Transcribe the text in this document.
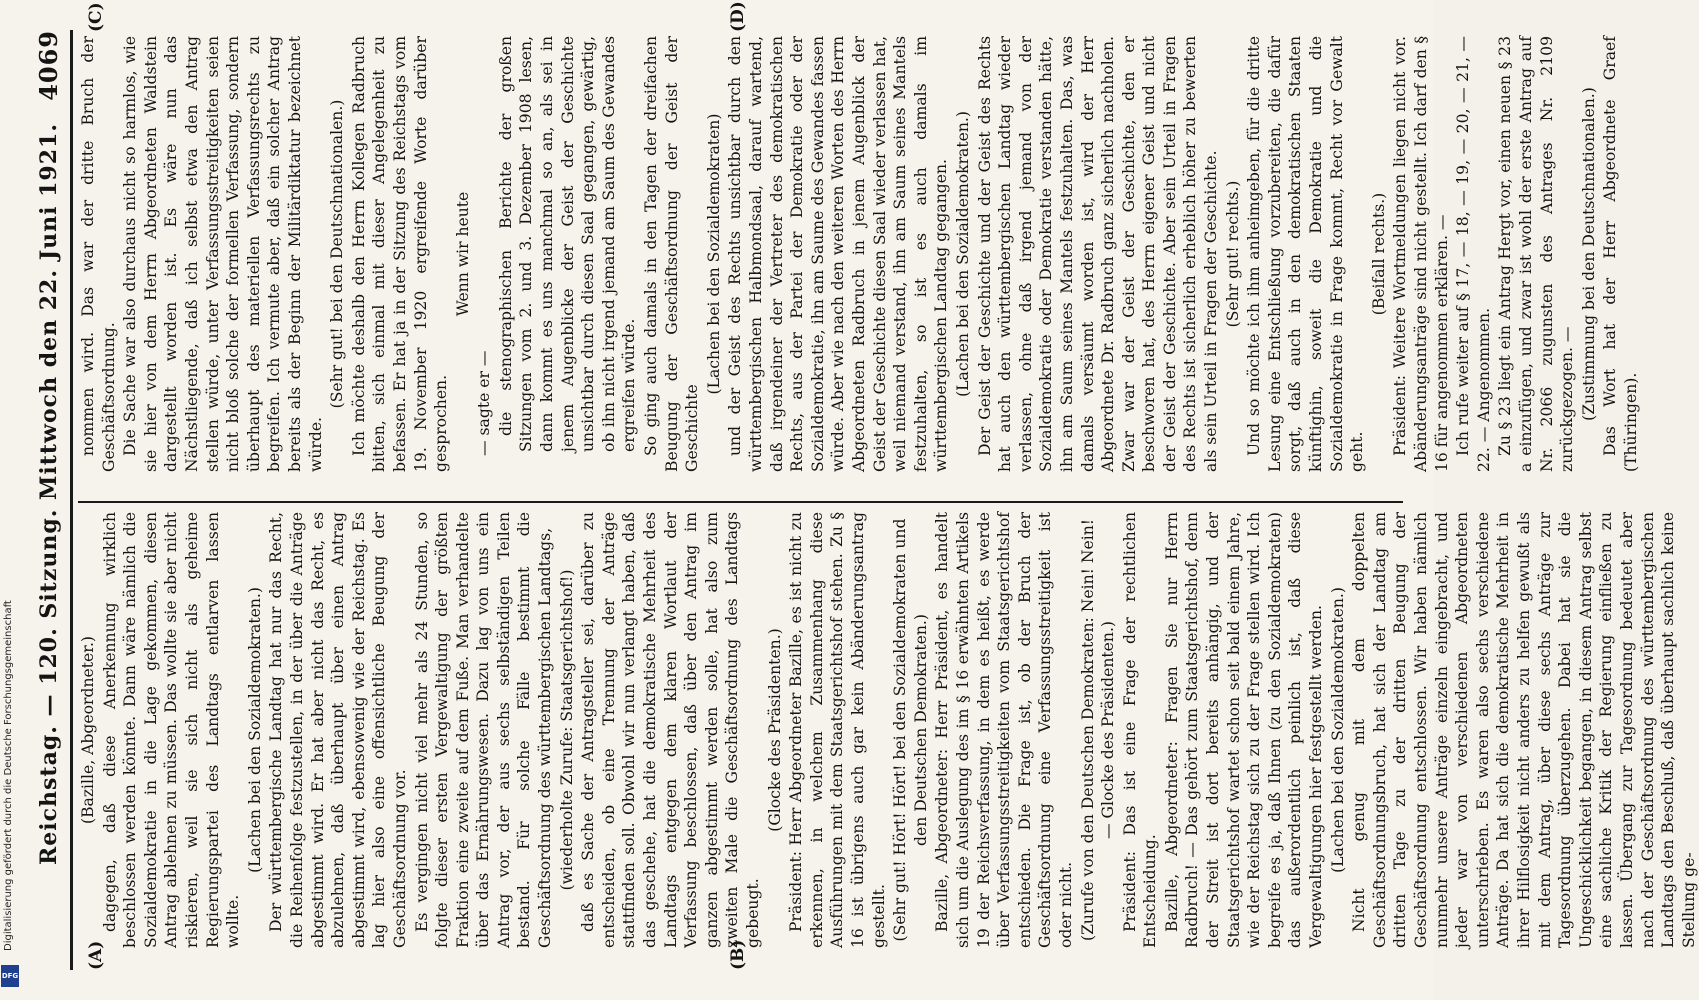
Reichstag. — 120. Sitzung. Mittwoch den 22. Juni 1921.
4069
(A)	(B)
(C)	(D)

(Bazille, Abgeordneter.) dagegen, daß diese Anerkennung wirklich beschlossen werden könnte. Dann wäre nämlich die Sozialdemokratie in die Lage gekommen, diesen Antrag ablehnen zu müssen. Das wollte sie aber nicht riskieren, weil sie sich nicht als geheime Regierungspartei des Landtags entlarven lassen wollte.

(Lachen bei den Sozialdemokraten.) Der württembergische Landtag hat nur das Recht, die Reihenfolge festzustellen, in der über die Anträge abgestimmt wird. Er hat aber nicht das Recht, es abzulehnen, daß überhaupt über einen Antrag abgestimmt wird, ebensowenig wie der Reichstag. Es lag hier also eine offensichtliche Beugung der Geschäftsordnung vor. Es vergingen nicht viel mehr als 24 Stunden, so folgte dieser ersten Vergewaltigung der größten Fraktion eine zweite auf dem Fuße. Man verhandelte über das Ernährungswesen. Dazu lag von uns ein Antrag vor, der aus sechs selbständigen Teilen bestand. Für solche Fälle bestimmt die Geschäftsordnung des württembergischen Landtags, (wiederholte Zurufe: Staatsgerichtshof!) daß es Sache der Antragsteller sei, darüber zu entscheiden, ob eine Trennung der Anträge stattfinden soll. Obwohl wir nun verlangt haben, daß das geschehe, hat die demokratische Mehrheit des Landtags entgegen dem klaren Wortlaut der Verfassung beschlossen, daß über den Antrag im ganzen abgestimmt werden solle, hat also zum zweiten Male die Geschäftsordnung des Landtags gebeugt.

(Glocke des Präsidenten.) Präsident: Herr Abgeordneter Bazille, es ist nicht zu erkennen, in welchem Zusammenhang diese Ausführungen mit dem Staatsgerichtshof stehen. Zu § 16 ist übrigens auch gar kein Abänderungsantrag gestellt. (Sehr gut! Hört! Hört! bei den Sozialdemokraten und den Deutschen Demokraten.) Bazille, Abgeordneter: Herr Präsident, es handelt sich um die Auslegung des im § 16 erwähnten Artikels 19 der Reichsverfassung, in dem es heißt, es werde über Verfassungsstreitigkeiten vom Staatsgerichtshof entschieden. Die Frage ist, ob der Bruch der Geschäftsordnung eine Verfassungsstreitigkeit ist oder nicht. (Zurufe von den Deutschen Demokraten: Nein! Nein! — Glocke des Präsidenten.) Präsident: Das ist eine Frage der rechtlichen Entscheidung. Bazille, Abgeordneter: Fragen Sie nur Herrn Radbruch! — Das gehört zum Staatsgerichtshof, denn der Streit ist dort bereits anhängig, und der Staatsgerichtshof wartet schon seit bald einem Jahre, wie der Reichstag sich zu der Frage stellen wird. Ich begreife es ja, daß Ihnen (zu den Sozialdemokraten) das außerordentlich peinlich ist, daß diese Vergewaltigungen hier festgestellt werden. (Lachen bei den Sozialdemokraten.) Nicht genug mit dem doppelten Geschäftsordnungsbruch, hat sich der Landtag am dritten Tage zu der dritten Beugung der Geschäftsordnung entschlossen. Wir haben nämlich nunmehr unsere Anträge einzeln eingebracht, und jeder war von verschiedenen Abgeordneten unterschrieben. Es waren also sechs verschiedene Anträge. Da hat sich die demokratische Mehrheit in ihrer Hilflosigkeit nicht anders zu helfen gewußt als mit dem Antrag, über diese sechs Anträge zur Tagesordnung überzugehen. Dabei hat sie die Ungeschicklichkeit begangen, in diesem Antrag selbst eine sachliche Kritik der Regierung einfließen zu lassen. Übergang zur Tagesordnung bedeutet aber nach der Geschäftsordnung des württembergischen Landtags den Beschluß, daß überhaupt sachlich keine Stellung ge-

nommen wird. Das war der dritte Bruch der Geschäftsordnung. Die Sache war also durchaus nicht so harmlos, wie sie hier von dem Herrn Abgeordneten Waldstein dargestellt worden ist. Es wäre nun das Nächstliegende, daß ich selbst etwa den Antrag stellen würde, unter Verfassungsstreitigkeiten seien nicht bloß solche der formellen Verfassung, sondern überhaupt des materiellen Verfassungsrechts zu begreifen. Ich vermute aber, daß ein solcher Antrag bereits als der Beginn der Militärdiktatur bezeichnet würde.

(Sehr gut! bei den Deutschnationalen.) Ich möchte deshalb den Herrn Kollegen Radbruch bitten, sich einmal mit dieser Angelegenheit zu befassen. Er hat ja in der Sitzung des Reichstags vom 19. November 1920 ergreifende Worte darüber gesprochen.

Wenn wir heute

— sagte er — die stenographischen Berichte der großen Sitzungen vom 2. und 3. Dezember 1908 lesen, dann kommt es uns manchmal so an, als sei in jenem Augenblicke der Geist der Geschichte unsichtbar durch diesen Saal gegangen, gewärtig, ob ihn nicht irgend jemand am Saum des Gewandes ergreifen würde. So ging auch damals in den Tagen der dreifachen Beugung der Geschäftsordnung der Geist der Geschichte

(Lachen bei den Sozialdemokraten) und der Geist des Rechts unsichtbar durch den württembergischen Halbmondsaal, darauf wartend, daß irgendeiner der Vertreter des demokratischen Rechts, aus der Partei der Demokratie oder der Sozialdemokratie, ihn am Saume des Gewandes fassen würde. Aber wie nach den weiteren Worten des Herrn Abgeordneten Radbruch in jenem Augenblick der Geist der Geschichte diesen Saal wieder verlassen hat, weil niemand verstand, ihn am Saum seines Mantels festzuhalten, so ist es auch damals im württembergischen Landtag gegangen. (Lachen bei den Sozialdemokraten.) Der Geist der Geschichte und der Geist des Rechts hat auch den württembergischen Landtag wieder verlassen, ohne daß irgend jemand von der Sozialdemokratie oder Demokratie verstanden hätte, ihn am Saum seines Mantels festzuhalten. Das, was damals versäumt worden ist, wird der Herr Abgeordnete Dr. Radbruch ganz sicherlich nachholen. Zwar war der Geist der Geschichte, den er beschworen hat, des Herrn eigener Geist und nicht der Geist der Geschichte. Aber sein Urteil in Fragen des Rechts ist sicherlich erheblich höher zu bewerten als sein Urteil in Fragen der Geschichte. (Sehr gut! rechts.) Und so möchte ich ihm anheimgeben, für die dritte Lesung eine Entschließung vorzubereiten, die dafür sorgt, daß auch in den demokratischen Staaten künftighin, soweit die Demokratie und die Sozialdemokratie in Frage kommt, Recht vor Gewalt geht.

(Beifall rechts.) Präsident: Weitere Wortmeldungen liegen nicht vor. Abänderungsanträge sind nicht gestellt. Ich darf den § 16 für angenommen erklären. — Ich rufe weiter auf § 17, — 18, — 19, — 20, — 21, — 22. — Angenommen. Zu § 23 liegt ein Antrag Hergt vor, einen neuen § 23 a einzufügen, und zwar ist wohl der erste Antrag auf Nr. 2066 zugunsten des Antrages Nr. 2109 zurückgezogen. — (Zustimmung bei den Deutschnationalen.) Das Wort hat der Herr Abgeordnete Graef (Thüringen).

Digitalisierung gefördert durch die Deutsche Forschungsgemeinschaft
DFG
